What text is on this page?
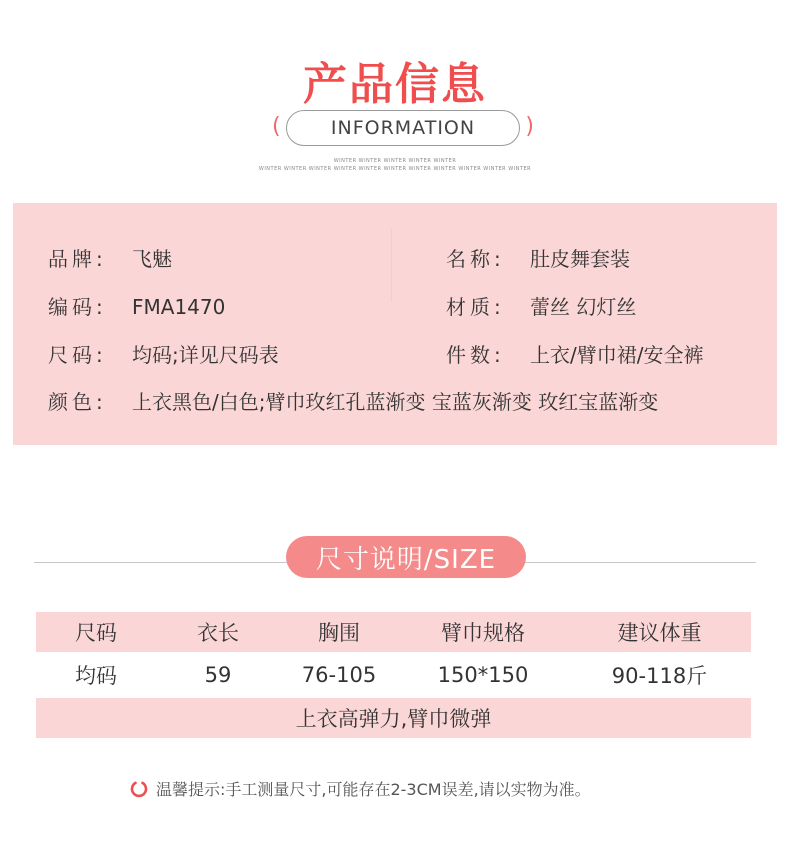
产品信息
(	INFORMATION )
WINTER WINTER WINTER WINTER WINTER
WINTER WINTER WINTER WINTER WINTER WINTER WINTER WINTER WINTER WINTER WINTER
品牌: 飞魅	名称: 肚皮舞套装
编码: FMA1470	材质: 蕾丝 幻灯丝
尺码: 均码;详见尺码表	件数: 上衣/臂巾裙/安全裤
颜色: 上衣黑色/白色;臂巾玫红孔蓝渐变 宝蓝灰渐变 玫红宝蓝渐变
尺寸说明/SIZE
尺码	衣长	胸围	臂巾规格	建议体重
均码	59	76-105	150*150	90-118斤
上衣高弹力,臂巾微弹
温馨提示:手工测量尺寸,可能存在2-3CM误差,请以实物为准。
